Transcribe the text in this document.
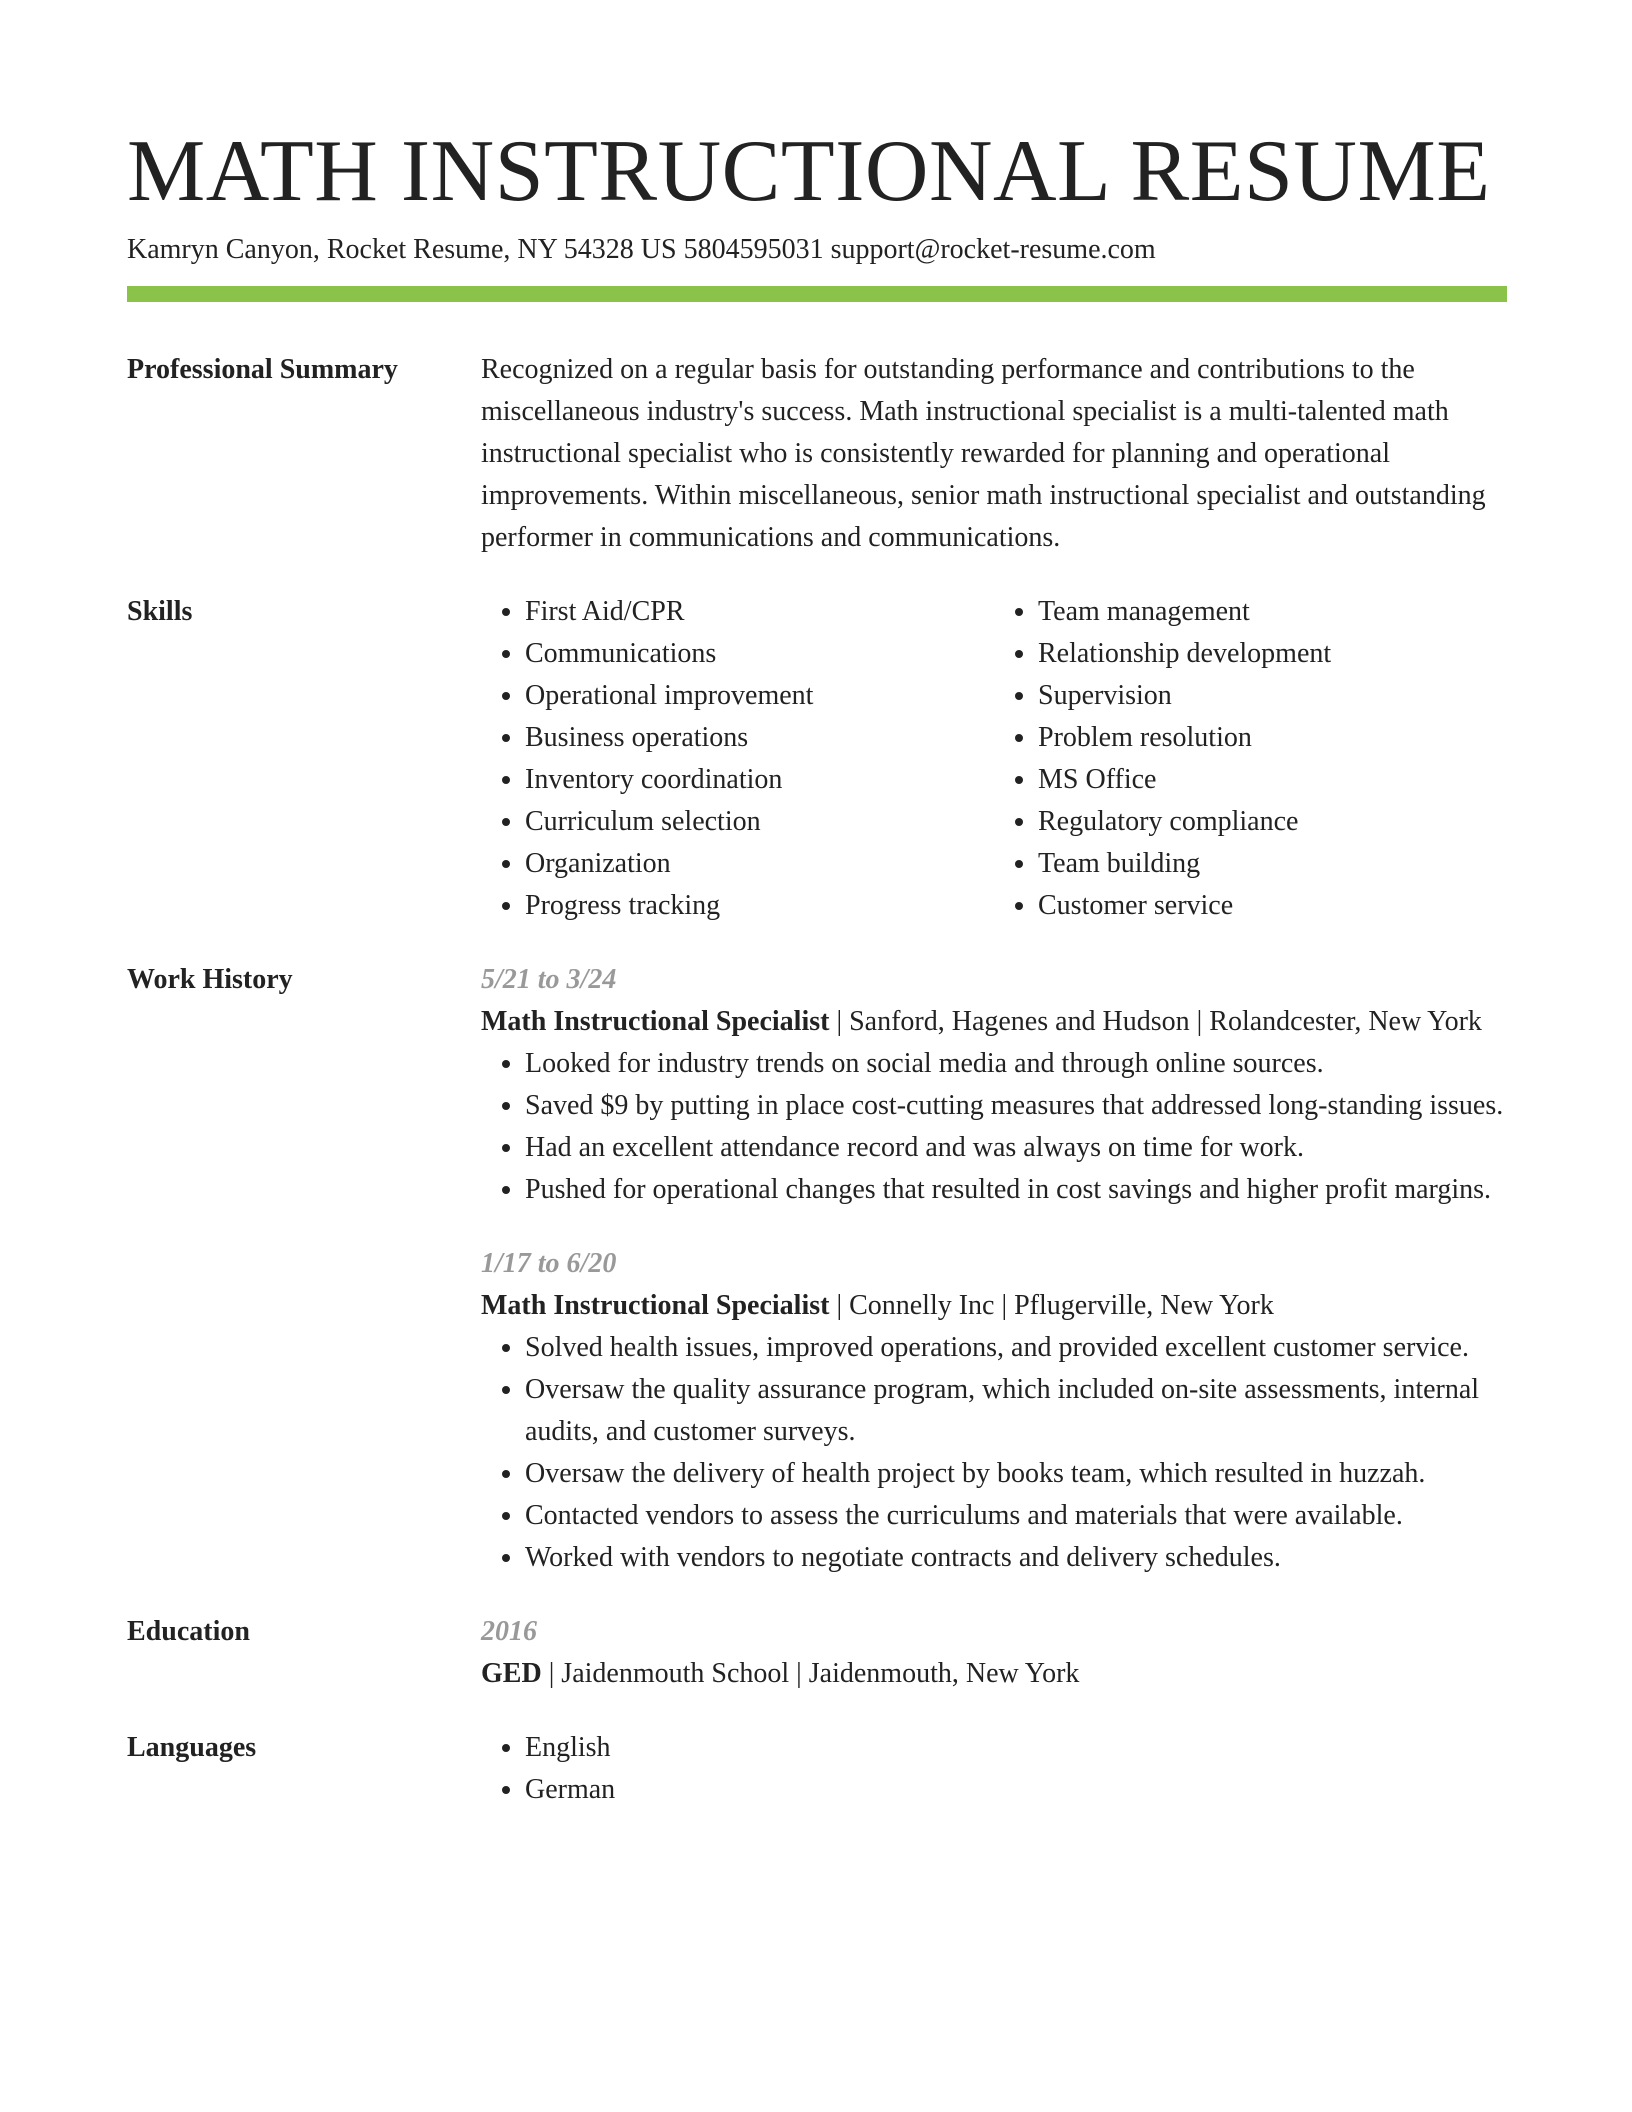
MATH INSTRUCTIONAL RESUME
Kamryn Canyon, Rocket Resume, NY 54328 US 5804595031 support@rocket-resume.com
Professional Summary	Recognized on a regular basis for outstanding performance and contributions to the miscellaneous industry's success. Math instructional specialist is a multi-talented math instructional specialist who is consistently rewarded for planning and operational improvements. Within miscellaneous, senior math instructional specialist and outstanding performer in communications and communications.

Skills	• First Aid/CPR
• Communications
• Operational improvement
• Business operations
• Inventory coordination
• Curriculum selection
• Organization
• Progress tracking
• Team management
• Relationship development
• Supervision
• Problem resolution
• MS Office
• Regulatory compliance
• Team building
• Customer service
Work History	5/21 to 3/24
Math Instructional Specialist | Sanford, Hagenes and Hudson | Rolandcester, New York
• Looked for industry trends on social media and through online sources.
• Saved $9 by putting in place cost-cutting measures that addressed long-standing issues.
• Had an excellent attendance record and was always on time for work.
• Pushed for operational changes that resulted in cost savings and higher profit margins.
1/17 to 6/20
Math Instructional Specialist | Connelly Inc | Pflugerville, New York
• Solved health issues, improved operations, and provided excellent customer service.
• Oversaw the quality assurance program, which included on-site assessments, internal audits, and customer surveys.
• Oversaw the delivery of health project by books team, which resulted in huzzah.
• Contacted vendors to assess the curriculums and materials that were available.
• Worked with vendors to negotiate contracts and delivery schedules.
Education	2016
GED | Jaidenmouth School | Jaidenmouth, New York
Languages	• English
• German
